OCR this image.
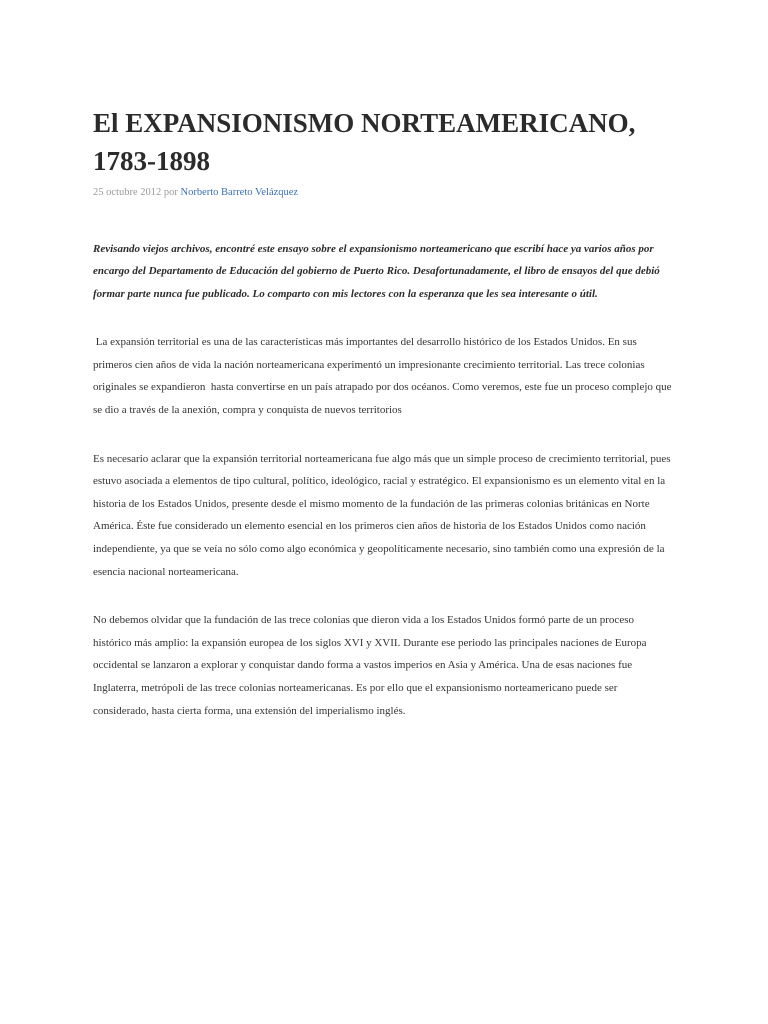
El EXPANSIONISMO NORTEAMERICANO, 1783-1898
25 octubre 2012 por Norberto Barreto Velázquez

Revisando viejos archivos, encontré este ensayo sobre el expansionismo norteamericano que escribí hace ya varios años por encargo del Departamento de Educación del gobierno de Puerto Rico. Desafortunadamente, el libro de ensayos del que debió formar parte nunca fue publicado. Lo comparto con mis lectores con la esperanza que les sea interesante o útil.

La expansión territorial es una de las características más importantes del desarrollo histórico de los Estados Unidos. En sus primeros cien años de vida la nación norteamericana experimentó un impresionante crecimiento territorial. Las trece colonias originales se expandieron  hasta convertirse en un país atrapado por dos océanos. Como veremos, este fue un proceso complejo que se dio a través de la anexión, compra y conquista de nuevos territorios

Es necesario aclarar que la expansión territorial norteamericana fue algo más que un simple proceso de crecimiento territorial, pues estuvo asociada a elementos de tipo cultural, político, ideológico, racial y estratégico. El expansionismo es un elemento vital en la historia de los Estados Unidos, presente desde el mismo momento de la fundación de las primeras colonias británicas en Norte América. Éste fue considerado un elemento esencial en los primeros cien años de historia de los Estados Unidos como nación independiente, ya que se veía no sólo como algo económica y geopolíticamente necesario, sino también como una expresión de la esencia nacional norteamericana.

No debemos olvidar que la fundación de las trece colonias que dieron vida a los Estados Unidos formó parte de un proceso histórico más amplio: la expansión europea de los siglos XVI y XVII. Durante ese periodo las principales naciones de Europa occidental se lanzaron a explorar y conquistar dando forma a vastos imperios en Asia y América. Una de esas naciones fue Inglaterra, metrópoli de las trece colonias norteamericanas. Es por ello que el expansionismo norteamericano puede ser considerado, hasta cierta forma, una extensión del imperialismo inglés.
